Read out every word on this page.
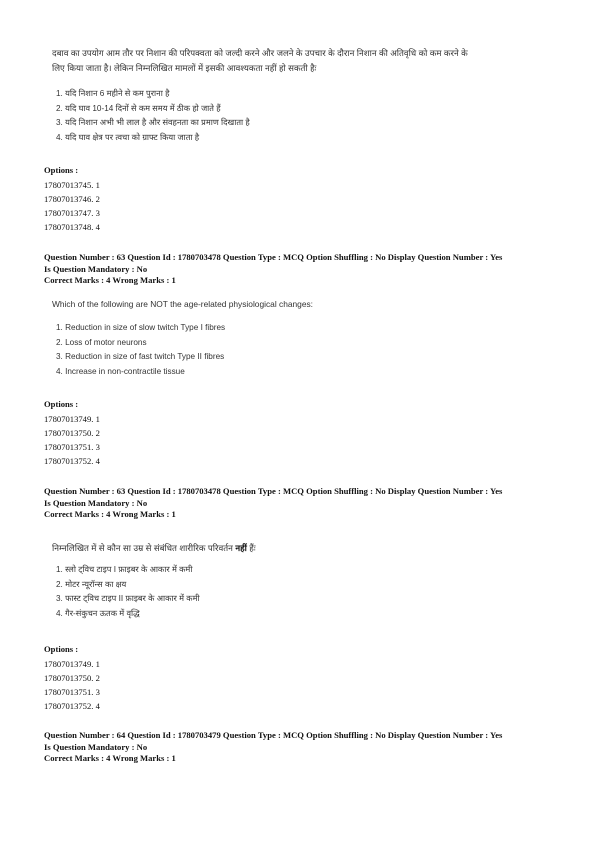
दबाव का उपयोग आम तौर पर निशान की परिपक्वता को जल्दी करने और जलने के उपचार के दौरान निशान की अतिवृधि को कम करने के
लिए किया जाता है। लेकिन निम्नलिखित मामलों में इसकी आवश्यकता नहीं हो सकती हैः
1. यदि निशान 6 महीने से कम पुराना है
2. यदि घाव 10-14 दिनों से कम समय में ठीक हो जाते हैं
3. यदि निशान अभी भी लाल है और संवहनता का प्रमाण दिखाता है
4. यदि घाव क्षेत्र पर त्वचा को ग्राफ्ट किया जाता है
Options :
17807013745. 1
17807013746. 2
17807013747. 3
17807013748. 4
Question Number : 63 Question Id : 1780703478 Question Type : MCQ Option Shuffling : No Display Question Number : Yes
Is Question Mandatory : No
Correct Marks : 4 Wrong Marks : 1
Which of the following are NOT the age-related physiological changes:
1. Reduction in size of slow twitch Type I fibres
2. Loss of motor neurons
3. Reduction in size of fast twitch Type II fibres
4. Increase in non-contractile tissue
Options :
17807013749. 1
17807013750. 2
17807013751. 3
17807013752. 4
Question Number : 63 Question Id : 1780703478 Question Type : MCQ Option Shuffling : No Display Question Number : Yes
Is Question Mandatory : No
Correct Marks : 4 Wrong Marks : 1
निम्नलिखित में से कौन सा उम्र से संबंधित शारीरिक परिवर्तन नहीं हैंः
1. स्लो ट्विच टाइप I फ़ाइबर के आकार में कमी
2. मोटर न्यूरॉन्स का क्षय
3. फास्ट ट्विच टाइप II फ़ाइबर के आकार में कमी
4. गैर-संकुचन ऊतक में वृद्धि
Options :
17807013749. 1
17807013750. 2
17807013751. 3
17807013752. 4
Question Number : 64 Question Id : 1780703479 Question Type : MCQ Option Shuffling : No Display Question Number : Yes
Is Question Mandatory : No
Correct Marks : 4 Wrong Marks : 1
